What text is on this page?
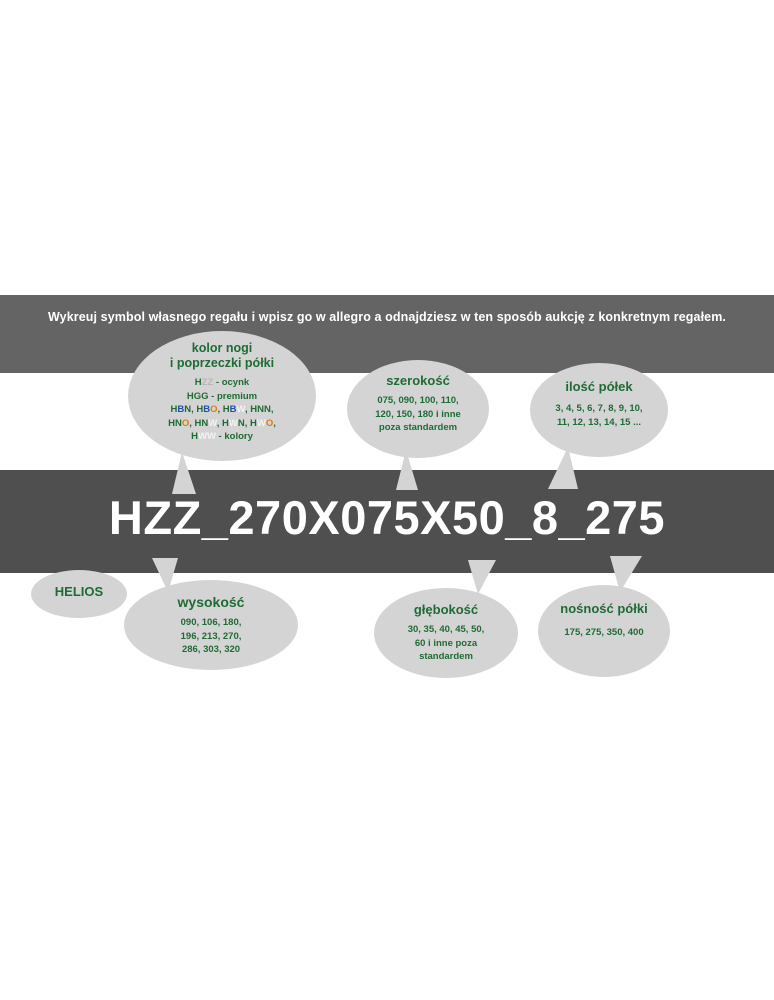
Wykreuj symbol własnego regału i wpisz go w allegro a odnajdziesz w ten sposób aukcję z konkretnym regałem.
HZZ_270X075X50_8_275
kolor nogi
i poprzeczki półki
HZZ - ocynk
HGG - premium
HBN, HBO, HBW, HNN,
HNO, HNW, HWN, HWO,
HWW - kolory
szerokość
075, 090, 100, 110,
120, 150, 180 i inne
poza standardem
ilość półek
3, 4, 5, 6, 7, 8, 9, 10,
11, 12, 13, 14, 15 ...
HELIOS
wysokość
090, 106, 180,
196, 213, 270,
286, 303, 320
głębokość
30, 35, 40, 45, 50,
60 i inne poza
standardem
nośność półki
175, 275, 350, 400
